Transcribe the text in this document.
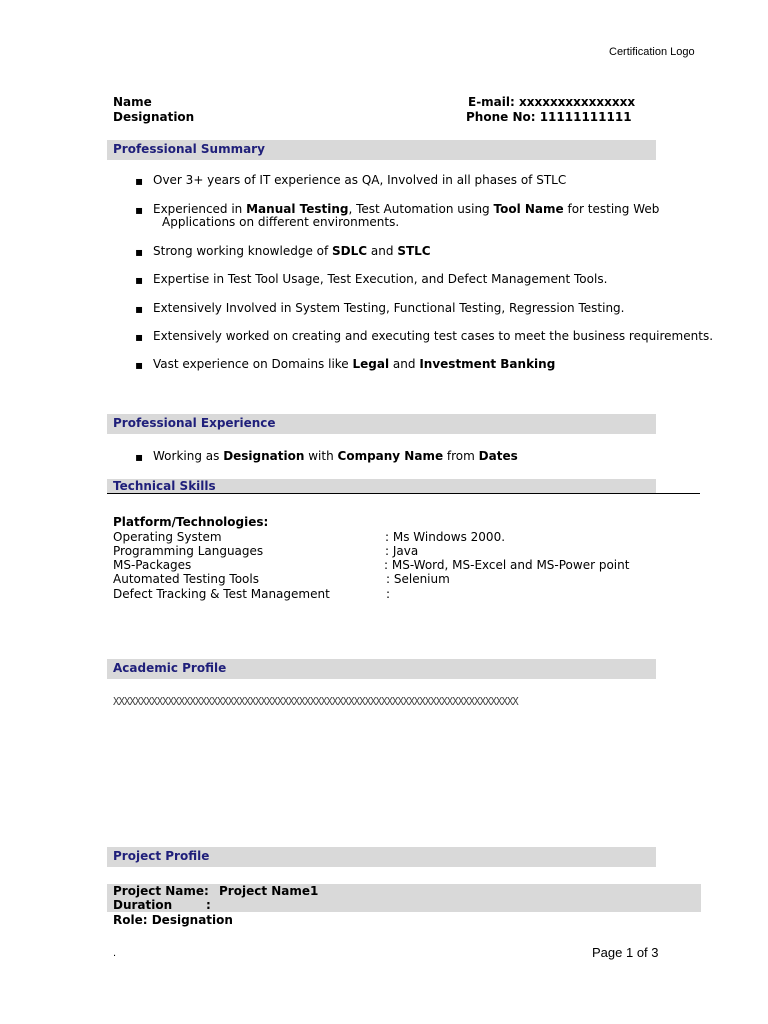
Certification Logo
Name
Designation
E-mail: xxxxxxxxxxxxxxx
Phone No: 11111111111
Professional Summary
▪ Over 3+ years of IT experience as QA, Involved in all phases of STLC
▪ Experienced in Manual Testing, Test Automation using Tool Name for testing Web
Applications on different environments.
▪ Strong working knowledge of SDLC and STLC
▪ Expertise in Test Tool Usage, Test Execution, and Defect Management Tools.
▪ Extensively Involved in System Testing, Functional Testing, Regression Testing.
▪ Extensively worked on creating and executing test cases to meet the business requirements.
▪ Vast experience on Domains like Legal and Investment Banking
Professional Experience
▪ Working as Designation with Company Name from Dates
Technical Skills
Platform/Technologies:
Operating System	: Ms Windows 2000.
Programming Languages	: Java
MS-Packages	: MS-Word, MS-Excel and MS-Power point
Automated Testing Tools	: Selenium
Defect Tracking & Test Management	:
Academic Profile
XXXXXXXXXXXXXXXXXXXXXXXXXXXXXXXXXXXXXXXXXXXXXXXXXXXXXXXXXXXXXXXXXXXXXXXXXX
Project Profile
Project Name: Project Name1
Duration	:
Role: Designation
.	Page 1 of 3
